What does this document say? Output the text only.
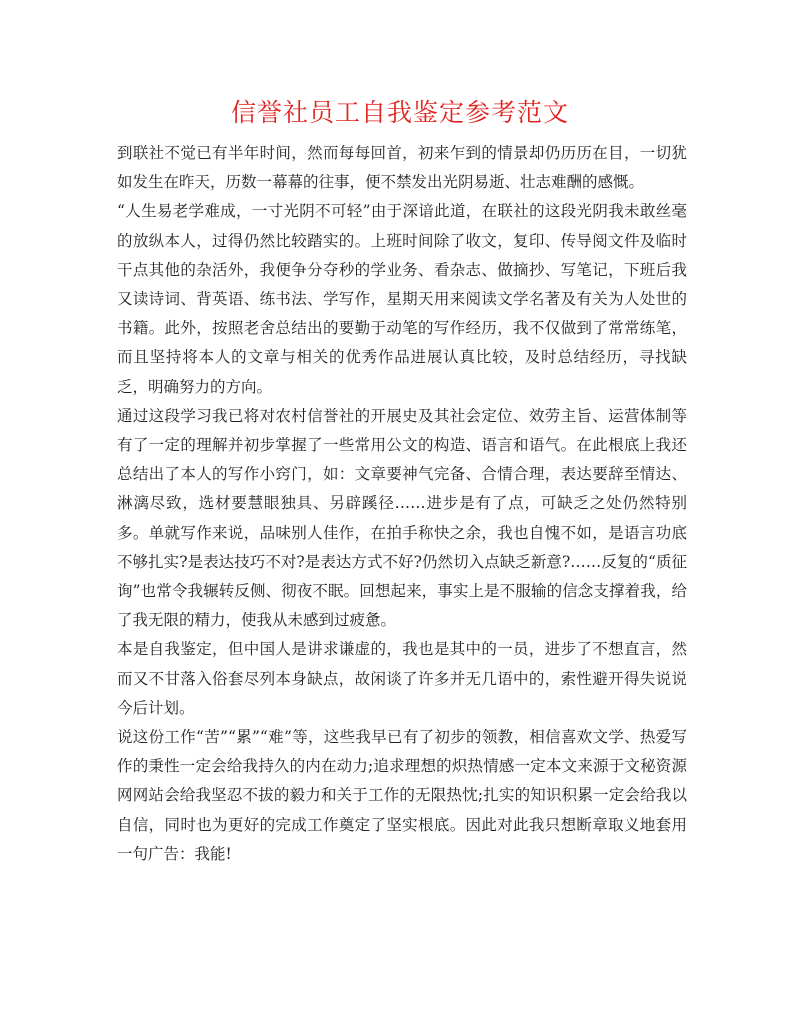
信誉社员工自我鉴定参考范文

到联社不觉已有半年时间，然而每每回首，初来乍到的情景却仍历历在目，一切犹如发生在昨天，历数一幕幕的往事，便不禁发出光阴易逝、壮志难酬的感慨。

“人生易老学难成，一寸光阴不可轻”由于深谙此道，在联社的这段光阴我未敢丝毫的放纵本人，过得仍然比较踏实的。上班时间除了收文，复印、传导阅文件及临时干点其他的杂活外，我便争分夺秒的学业务、看杂志、做摘抄、写笔记，下班后我又读诗词、背英语、练书法、学写作，星期天用来阅读文学名著及有关为人处世的书籍。此外，按照老舍总结出的要勤于动笔的写作经历，我不仅做到了常常练笔，而且坚持将本人的文章与相关的优秀作品进展认真比较，及时总结经历，寻找缺乏，明确努力的方向。

通过这段学习我已将对农村信誉社的开展史及其社会定位、效劳主旨、运营体制等有了一定的理解并初步掌握了一些常用公文的构造、语言和语气。在此根底上我还总结出了本人的写作小窍门，如：文章要神气完备、合情合理，表达要辞至情达、淋漓尽致，选材要慧眼独具、另辟蹊径……进步是有了点，可缺乏之处仍然特别多。单就写作来说，品味别人佳作，在拍手称快之余，我也自愧不如，是语言功底不够扎实?是表达技巧不对?是表达方式不好?仍然切入点缺乏新意?……反复的“质征询”也常令我辗转反侧、彻夜不眠。回想起来，事实上是不服输的信念支撑着我，给了我无限的精力，使我从未感到过疲惫。

本是自我鉴定，但中国人是讲求谦虚的，我也是其中的一员，进步了不想直言，然而又不甘落入俗套尽列本身缺点，故闲谈了许多并无几语中的，索性避开得失说说今后计划。

说这份工作“苦”“累”“难”等，这些我早已有了初步的领教，相信喜欢文学、热爱写作的秉性一定会给我持久的内在动力;追求理想的炽热情感一定本文来源于文秘资源网网站会给我坚忍不拔的毅力和关于工作的无限热忱;扎实的知识积累一定会给我以自信，同时也为更好的完成工作奠定了坚实根底。因此对此我只想断章取义地套用一句广告：我能!
